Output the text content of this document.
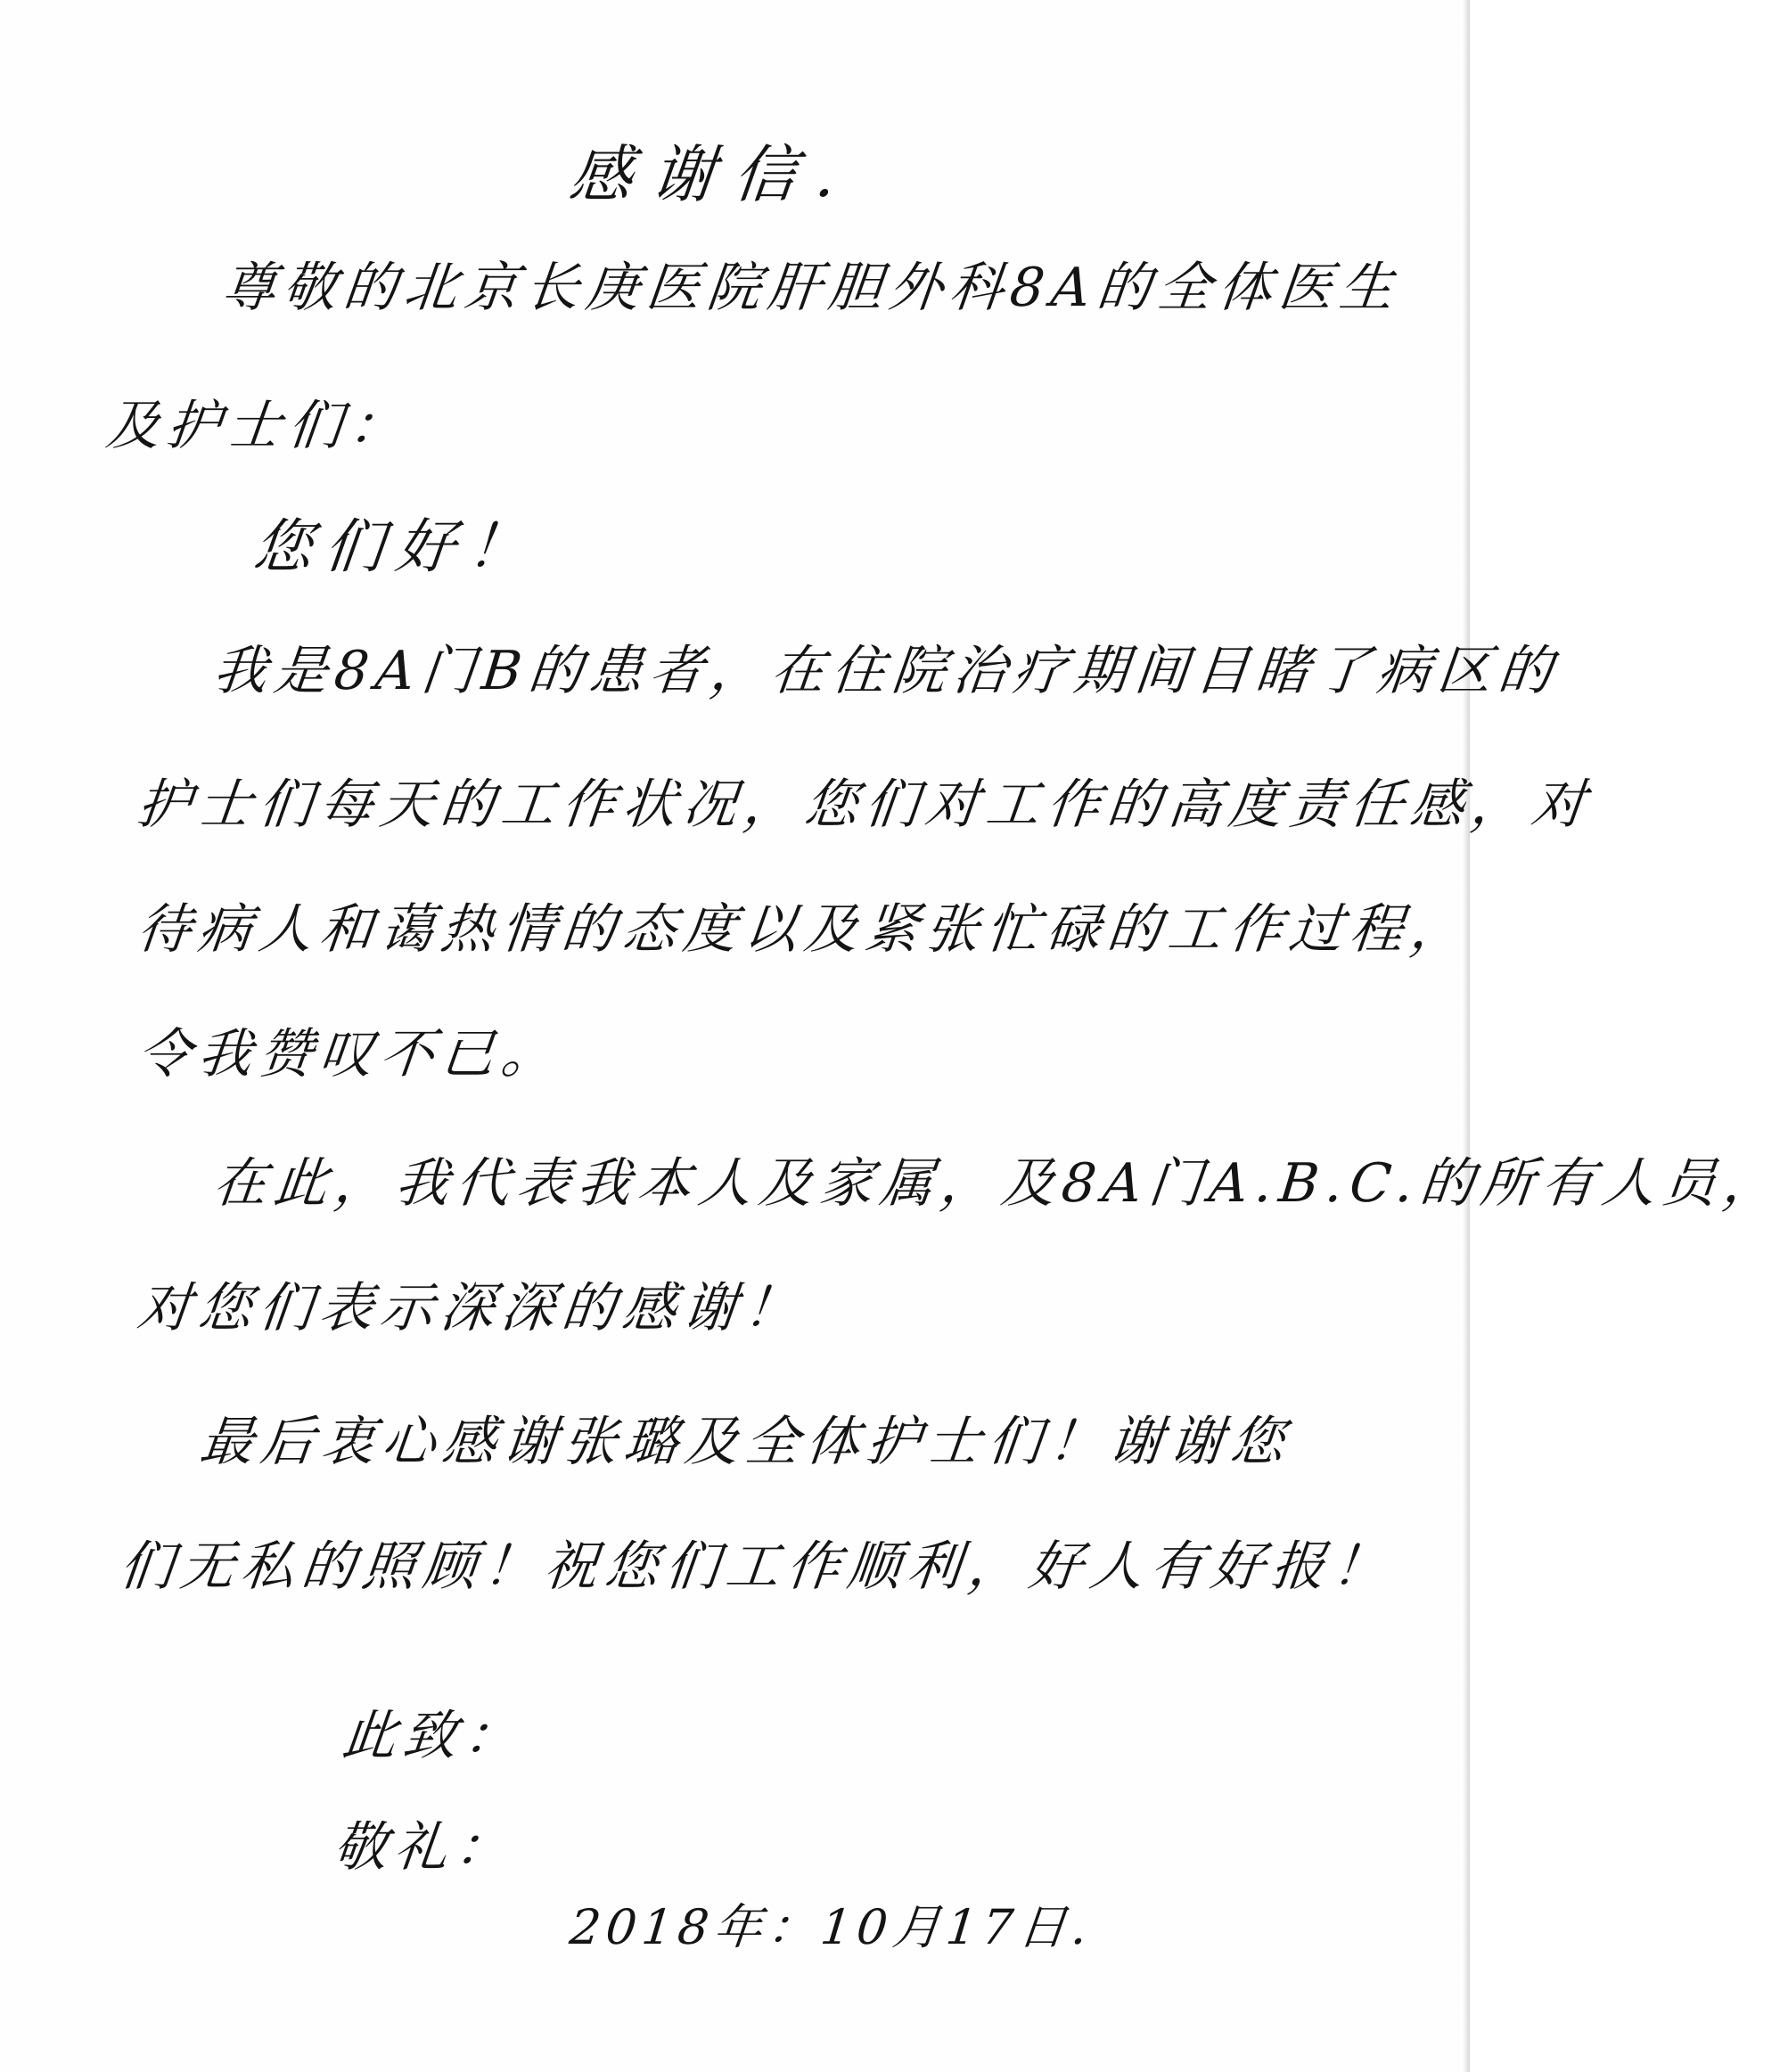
感谢信.
尊敬的北京长庚医院肝胆外科8A的全体医生
及护士们：
您们好！
我是8A门B的患者，在住院治疗期间目睹了病区的
护士们每天的工作状况，您们对工作的高度责任感，对
待病人和蔼热情的态度以及紧张忙碌的工作过程，
令我赞叹不已。
在此，我代表我本人及家属，及8A门A.B.C.的所有人员，
对您们表示深深的感谢！
最后衷心感谢张璐及全体护士们！谢谢您
们无私的照顾！祝您们工作顺利，好人有好报！
此致：
敬礼：
2018年：10月17日.
